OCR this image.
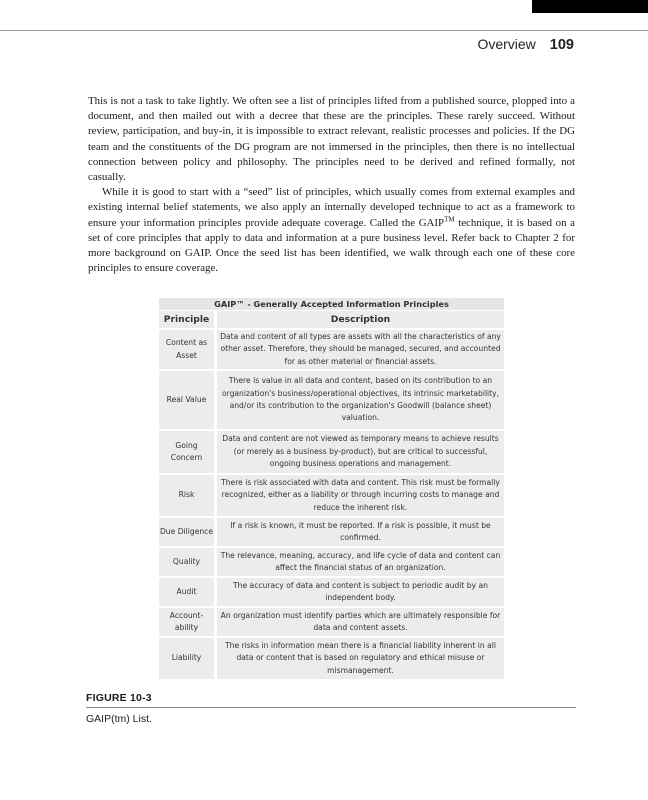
Overview 109

This is not a task to take lightly. We often see a list of principles lifted from a published source, plopped into a document, and then mailed out with a decree that these are the principles. These rarely succeed. Without review, participation, and buy-in, it is impossible to extract relevant, realistic processes and policies. If the DG team and the constituents of the DG program are not immersed in the principles, then there is no intellectual connection between policy and philosophy. The principles need to be derived and refined formally, not casually.

While it is good to start with a “seed” list of principles, which usually comes from external examples and existing internal belief statements, we also apply an internally developed technique to act as a framework to ensure your information principles provide adequate coverage. Called the GAIP™ technique, it is based on a set of core principles that apply to data and information at a pure business level. Refer back to Chapter 2 for more background on GAIP. Once the seed list has been identified, we walk through each one of these core principles to ensure coverage.

GAIP™ - Generally Accepted Information Principles
Principle	Description
Content as Asset
Data and content of all types are assets with all the characteristics of any other asset. Therefore, they should be managed, secured, and accounted for as other material or financial assets.
Real Value
There is value in all data and content, based on its contribution to an organization's business/operational objectives, its intrinsic marketability, and/or its contribution to the organization's Goodwill (balance sheet) valuation.
Going Concern
Data and content are not viewed as temporary means to achieve results (or merely as a business by-product), but are critical to successful, ongoing business operations and management.
Risk
There is risk associated with data and content. This risk must be formally recognized, either as a liability or through incurring costs to manage and reduce the inherent risk.
Due Diligence
If a risk is known, it must be reported. If a risk is possible, it must be confirmed.
Quality
The relevance, meaning, accuracy, and life cycle of data and content can affect the financial status of an organization.
Audit
The accuracy of data and content is subject to periodic audit by an independent body.
Account-ability
An organization must identify parties which are ultimately responsible for data and content assets.
Liability
The risks in information mean there is a financial liability inherent in all data or content that is based on regulatory and ethical misuse or mismanagement.
FIGURE 10-3
GAIP(tm) List.
